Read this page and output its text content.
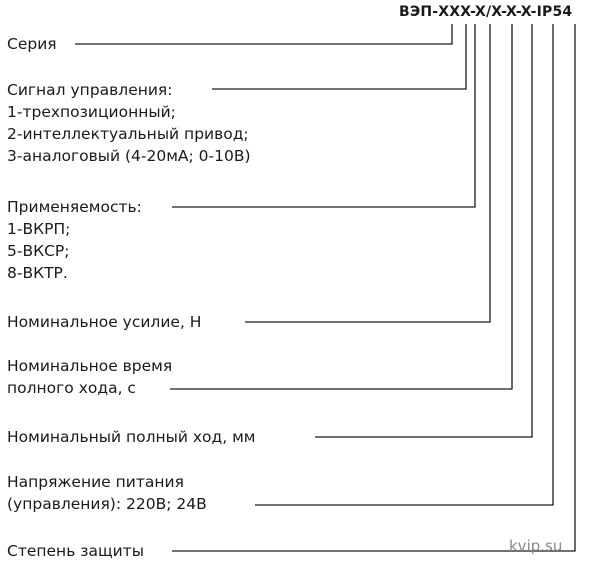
ВЭП-XXX-X/X-X-X-IP54
Серия
Сигнал управления:
1-трехпозиционный;
2-интеллектуальный привод;
3-аналоговый (4-20мА; 0-10В)
Применяемость:
1-ВКРП;
5-ВКСР;
8-ВКТР.
Номинальное усилие, Н
Номинальное время
полного хода, с
Номинальный полный ход, мм
Напряжение питания
(управления): 220В; 24В
Степень защиты	kvip.su
